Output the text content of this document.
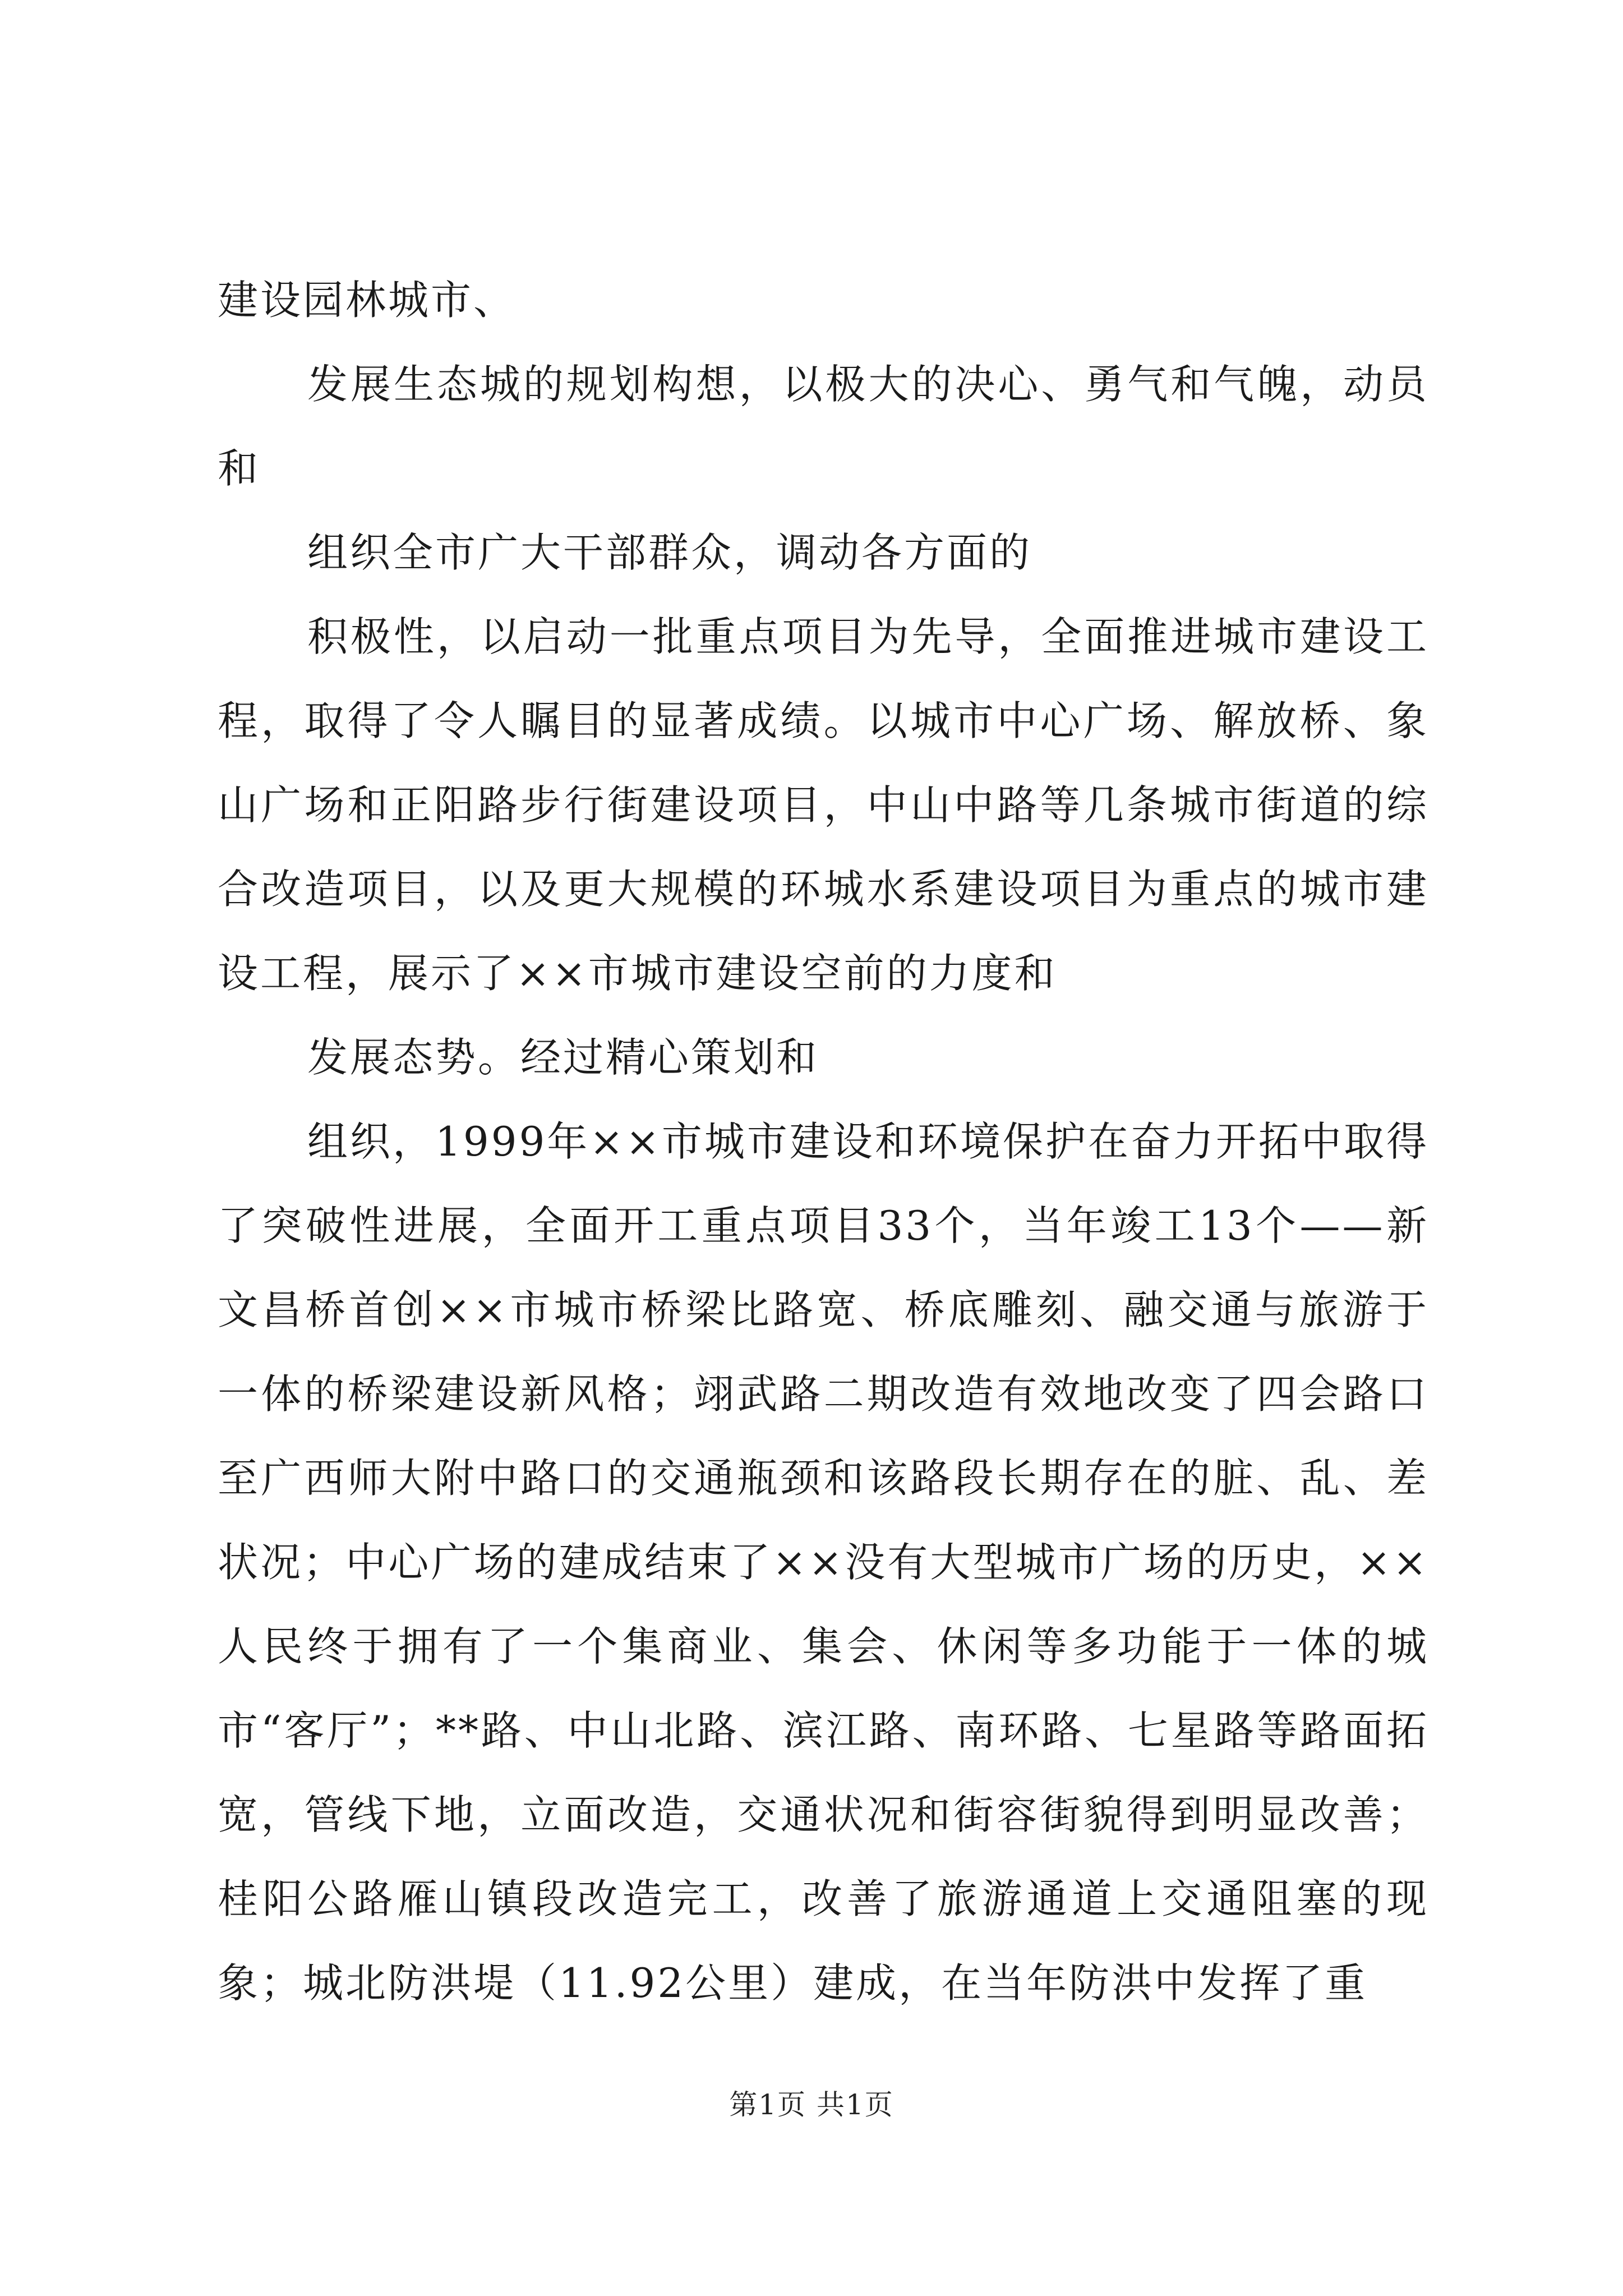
建设园林城市、

发展生态城的规划构想，以极大的决心、勇气和气魄，动员和

组织全市广大干部群众，调动各方面的

积极性，以启动一批重点项目为先导，全面推进城市建设工程，取得了令人瞩目的显著成绩。以城市中心广场、解放桥、象山广场和正阳路步行街建设项目，中山中路等几条城市街道的综合改造项目，以及更大规模的环城水系建设项目为重点的城市建设工程，展示了××市城市建设空前的力度和

发展态势。经过精心策划和

组织，1999年××市城市建设和环境保护在奋力开拓中取得了突破性进展，全面开工重点项目33个，当年竣工13个——新文昌桥首创××市城市桥梁比路宽、桥底雕刻、融交通与旅游于一体的桥梁建设新风格；翊武路二期改造有效地改变了四会路口至广西师大附中路口的交通瓶颈和该路段长期存在的脏、乱、差状况；中心广场的建成结束了××没有大型城市广场的历史，××人民终于拥有了一个集商业、集会、休闲等多功能于一体的城市“客厅”；**路、中山北路、滨江路、南环路、七星路等路面拓宽，管线下地，立面改造，交通状况和街容街貌得到明显改善；桂阳公路雁山镇段改造完工，改善了旅游通道上交通阻塞的现象；城北防洪堤（11.92公里）建成，在当年防洪中发挥了重

第1页 共1页
